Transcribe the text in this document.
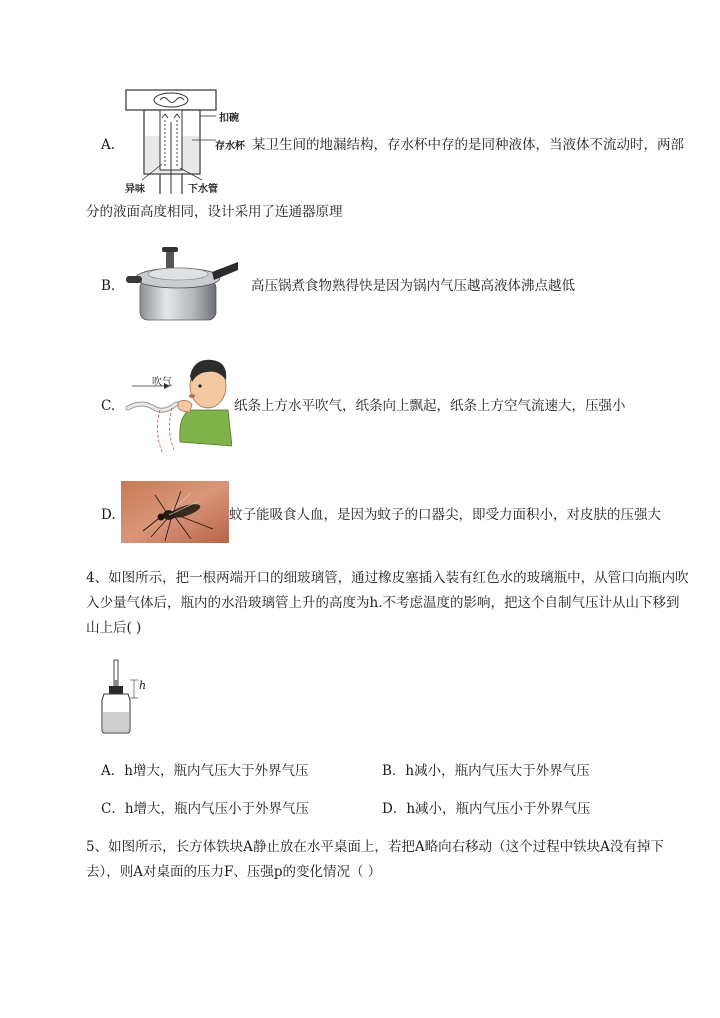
A.
扣碗
存水杯
异味	下水管
某卫生间的地漏结构，存水杯中存的是同种液体，当液体不流动时，两部
分的液面高度相同，设计采用了连通器原理
B.	高压锅煮食物熟得快是因为锅内气压越高液体沸点越低
C.
吹气
纸条上方水平吹气，纸条向上飘起，纸条上方空气流速大，压强小
D.	蚊子能吸食人血，是因为蚊子的口器尖，即受力面积小，对皮肤的压强大
4、如图所示，把一根两端开口的细玻璃管，通过橡皮塞插入装有红色水的玻璃瓶中，从管口向瓶内吹
入少量气体后，瓶内的水沿玻璃管上升的高度为h.不考虑温度的影响，把这个自制气压计从山下移到
山上后( )
h
A．h增大，瓶内气压大于外界气压	B．h减小，瓶内气压大于外界气压
C．h增大，瓶内气压小于外界气压	D．h减小，瓶内气压小于外界气压
5、如图所示，长方体铁块A静止放在水平桌面上，若把A略向右移动（这个过程中铁块A没有掉下
去），则A对桌面的压力F、压强p的变化情况（ ）
